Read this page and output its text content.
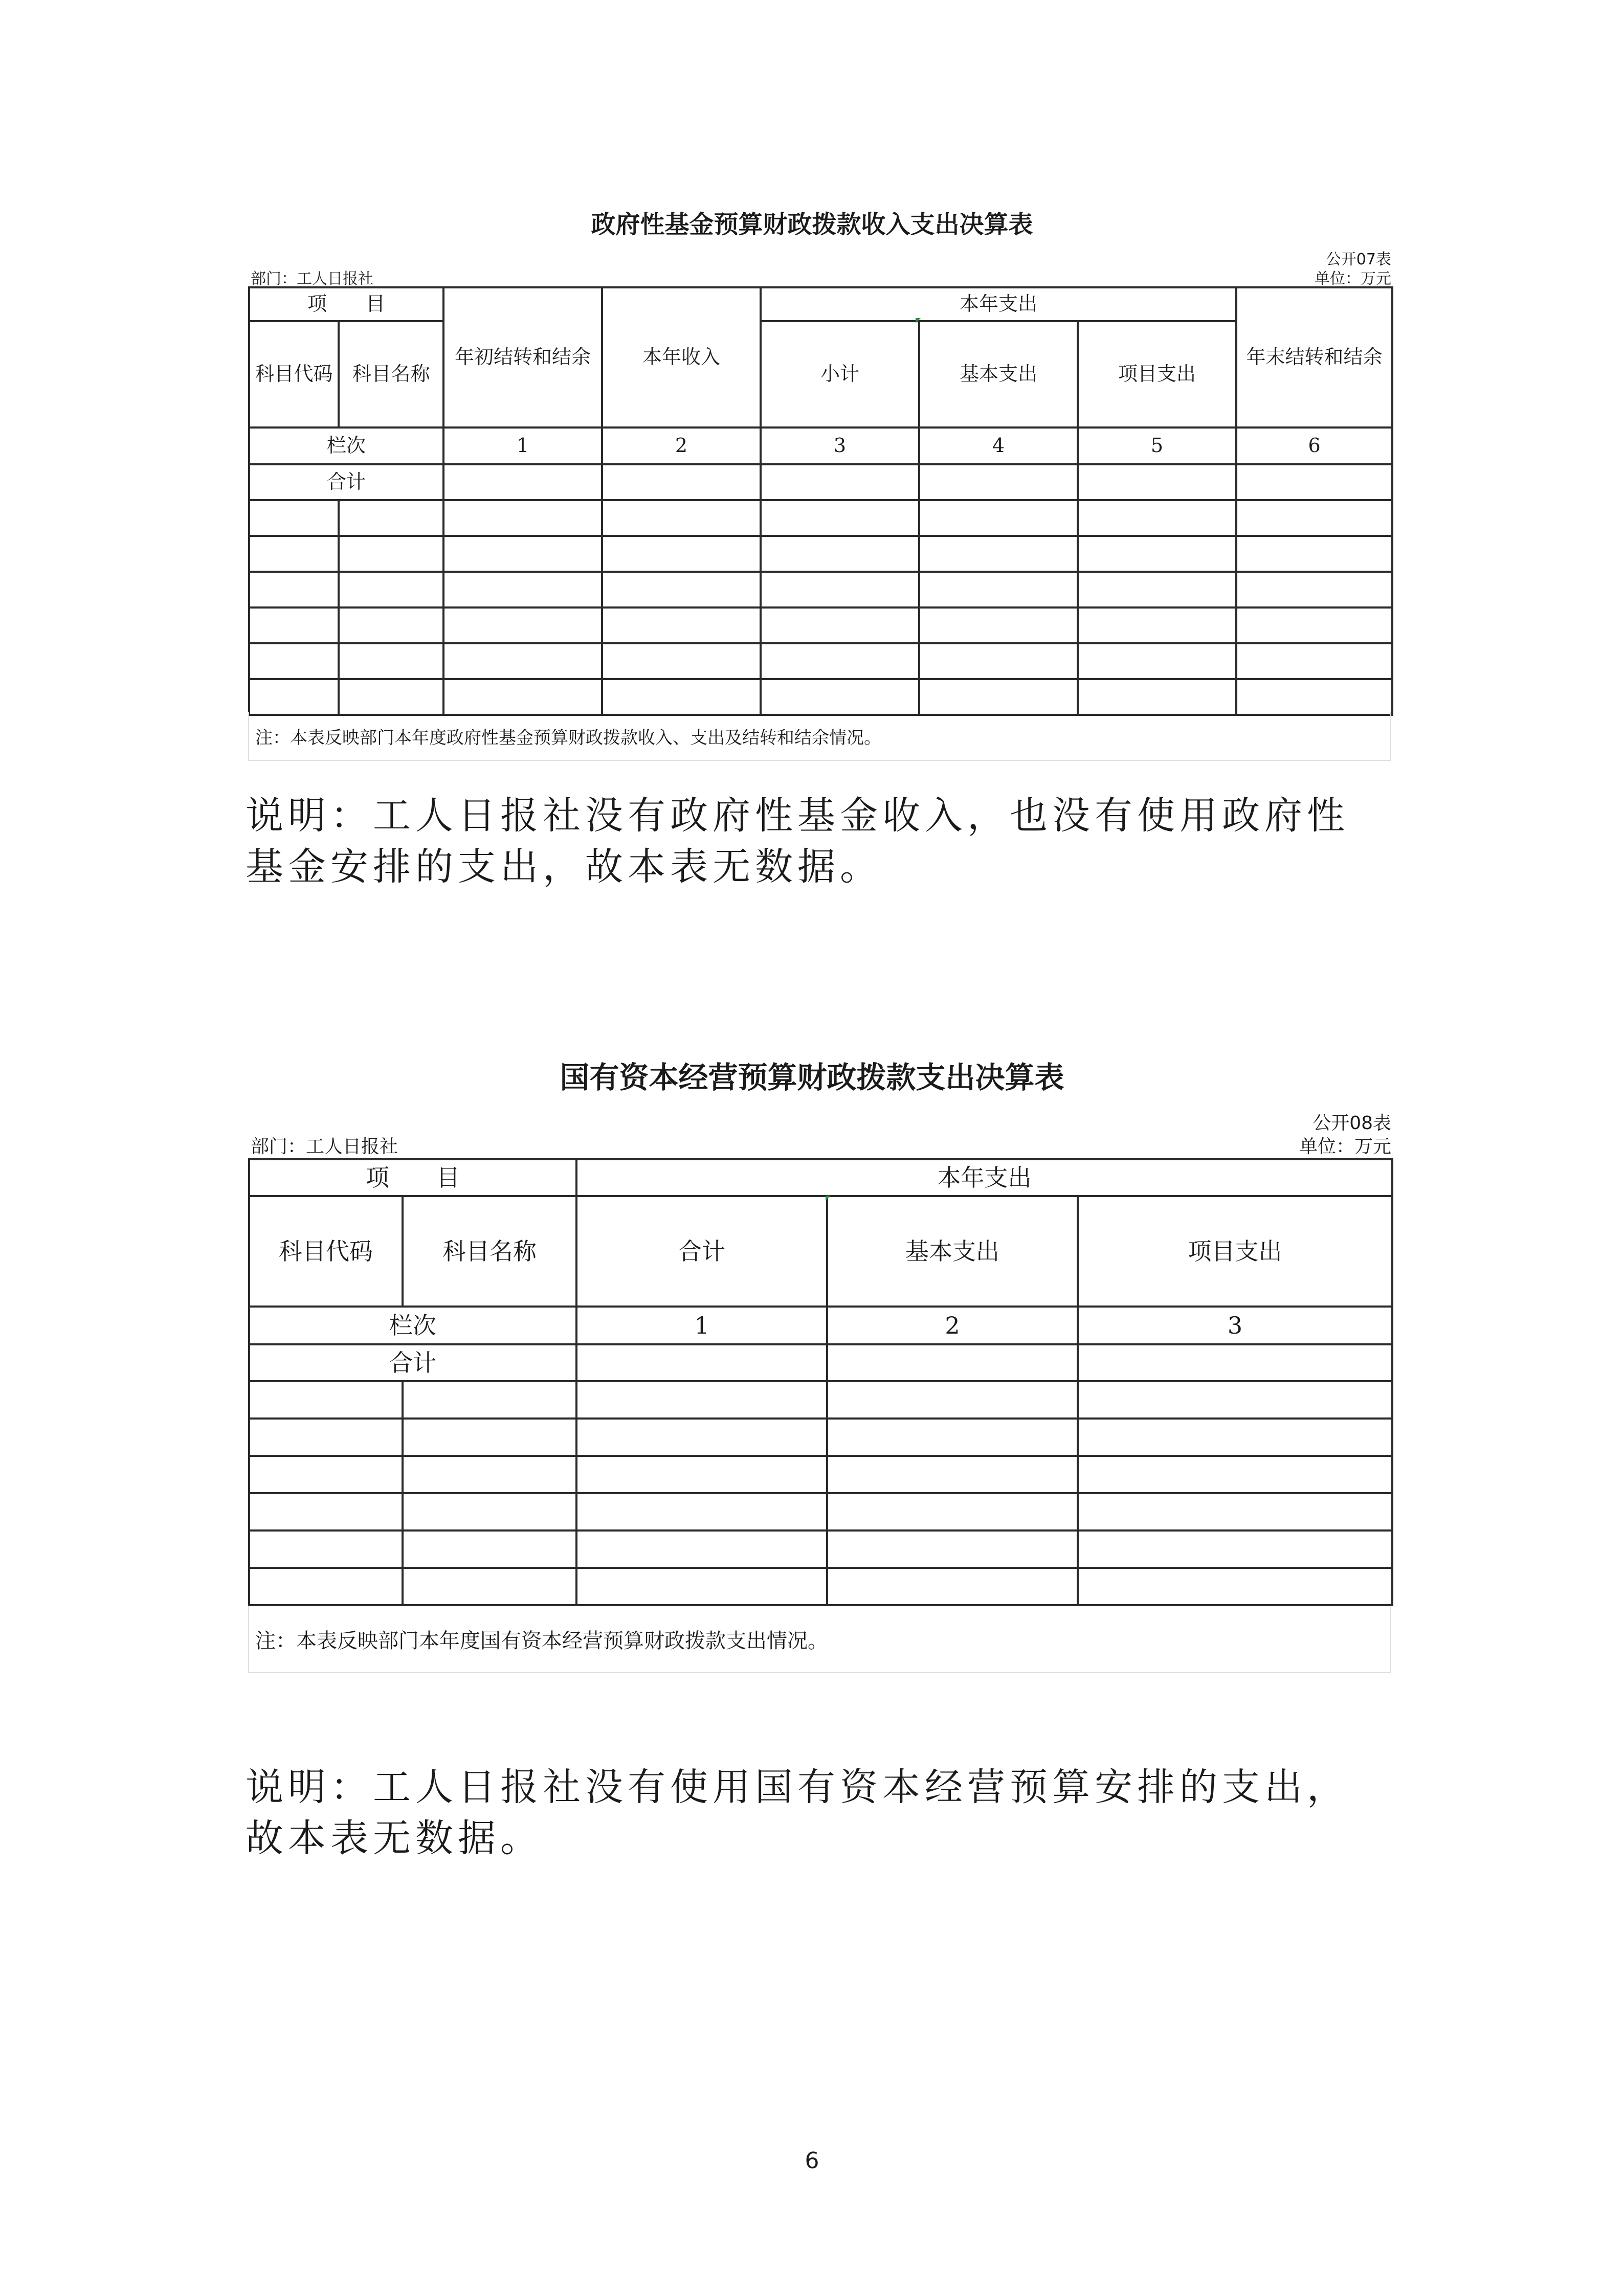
政府性基金预算财政拨款收入支出决算表
公开07表
部门：工人日报社	单位：万元
项　　目		年初结转和结余	本年收入	本年支出			年末结转和结余
科目代码	科目名称			小计	基本支出	项目支出	
栏次		1	2	3	4	5	6
合计							

注：本表反映部门本年度政府性基金预算财政拨款收入、支出及结转和结余情况。
说明：工人日报社没有政府性基金收入，也没有使用政府性基金安排的支出，故本表无数据。
国有资本经营预算财政拨款支出决算表
公开08表
部门：工人日报社	单位：万元
项　　目		本年支出		
科目代码	科目名称	合计	基本支出	项目支出
栏次		1	2	3
合计				

注：本表反映部门本年度国有资本经营预算财政拨款支出情况。
说明：工人日报社没有使用国有资本经营预算安排的支出，故本表无数据。
6
